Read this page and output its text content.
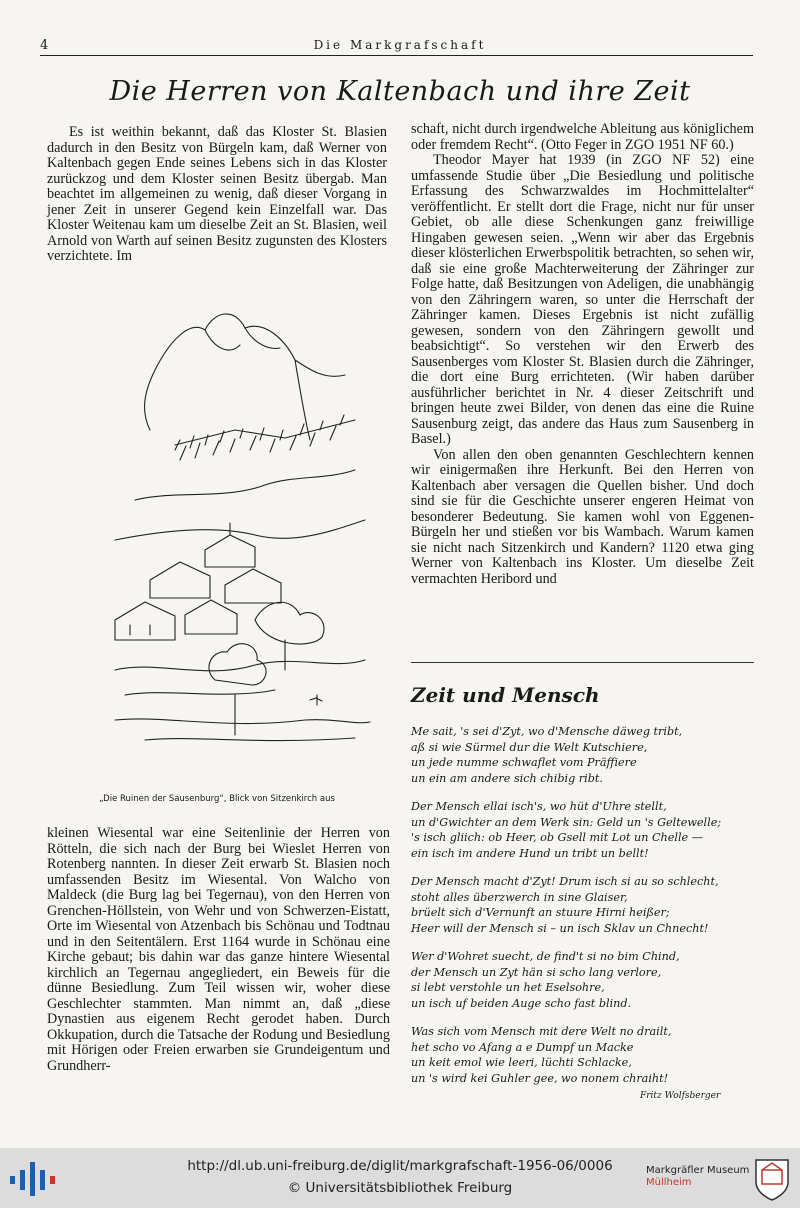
4	Die Markgrafschaft
Die Herren von Kaltenbach und ihre Zeit

Es ist weithin bekannt, daß das Kloster St. Blasien dadurch in den Besitz von Bürgeln kam, daß Werner von Kaltenbach gegen Ende seines Lebens sich in das Kloster zurückzog und dem Kloster seinen Besitz übergab. Man beachtet im allgemeinen zu wenig, daß dieser Vorgang in jener Zeit in unserer Gegend kein Einzelfall war. Das Kloster Weitenau kam um dieselbe Zeit an St. Blasien, weil Arnold von Warth auf seinen Besitz zugunsten des Klosters verzichtete. Im

„Die Ruinen der Sausenburg“, Blick von Sitzenkirch aus

kleinen Wiesental war eine Seitenlinie der Herren von Rötteln, die sich nach der Burg bei Wieslet Herren von Rotenberg nannten. In dieser Zeit erwarb St. Blasien noch umfassenden Besitz im Wiesental. Von Walcho von Maldeck (die Burg lag bei Tegernau), von den Herren von Grenchen-Höllstein, von Wehr und von Schwerzen-Eistatt, Orte im Wiesental von Atzenbach bis Schönau und Todtnau und in den Seitentälern. Erst 1164 wurde in Schönau eine Kirche gebaut; bis dahin war das ganze hintere Wiesental kirchlich an Tegernau angegliedert, ein Beweis für die dünne Besiedlung. Zum Teil wissen wir, woher diese Geschlechter stammten. Man nimmt an, daß „diese Dynastien aus eigenem Recht gerodet haben. Durch Okkupation, durch die Tatsache der Rodung und Besiedlung mit Hörigen oder Freien erwarben sie Grundeigentum und Grundherr-

schaft, nicht durch irgendwelche Ableitung aus königlichem oder fremdem Recht“. (Otto Feger in ZGO 1951 NF 60.)

Theodor Mayer hat 1939 (in ZGO NF 52) eine umfassende Studie über „Die Besiedlung und politische Erfassung des Schwarzwaldes im Hochmittelalter“ veröffentlicht. Er stellt dort die Frage, nicht nur für unser Gebiet, ob alle diese Schenkungen ganz freiwillige Hingaben gewesen seien. „Wenn wir aber das Ergebnis dieser klösterlichen Erwerbspolitik betrachten, so sehen wir, daß sie eine große Machterweiterung der Zähringer zur Folge hatte, daß Besitzungen von Adeligen, die unabhängig von den Zähringern waren, so unter die Herrschaft der Zähringer kamen. Dieses Ergebnis ist nicht zufällig gewesen, sondern von den Zähringern gewollt und beabsichtigt“. So verstehen wir den Erwerb des Sausenberges vom Kloster St. Blasien durch die Zähringer, die dort eine Burg errichteten. (Wir haben darüber ausführlicher berichtet in Nr. 4 dieser Zeitschrift und bringen heute zwei Bilder, von denen das eine die Ruine Sausenburg zeigt, das andere das Haus zum Sausenberg in Basel.)

Von allen den oben genannten Geschlechtern kennen wir einigermaßen ihre Herkunft. Bei den Herren von Kaltenbach aber versagen die Quellen bisher. Und doch sind sie für die Geschichte unserer engeren Heimat von besonderer Bedeutung. Sie kamen wohl von Eggenen-Bürgeln her und stießen vor bis Wambach. Warum kamen sie nicht nach Sitzenkirch und Kandern? 1120 etwa ging Werner von Kaltenbach ins Kloster. Um dieselbe Zeit vermachten Heribord und

Zeit und Mensch
Me sait, 's sei d'Zyt, wo d'Mensche däweg tribt,
aß si wie Sürmel dur die Welt Kutschiere,
un jede numme schwaflet vom Präffiere
un ein am andere sich chibig ribt.
Der Mensch ellai isch's, wo hüt d'Uhre stellt,
un d'Gwichter an dem Werk sin: Geld un 's Geltewelle;
's isch gliich: ob Heer, ob Gsell mit Lot un Chelle —
ein isch im andere Hund un tribt un bellt!
Der Mensch macht d'Zyt! Drum isch si au so schlecht,
stoht alles überzwerch in sine Glaiser,
brüelt sich d'Vernunft an stuure Hirni heißer;
Heer will der Mensch si – un isch Sklav un Chnecht!
Wer d'Wohret suecht, de find't si no bim Chind,
der Mensch un Zyt hän si scho lang verlore,
si lebt verstohle un het Eselsohre,
un isch uf beiden Auge scho fast blind.
Was sich vom Mensch mit dere Welt no drailt,
het scho vo Afang a e Dumpf un Macke
un keit emol wie leeri, lüchti Schlacke,
un 's wird kei Guhler gee, wo nonem chraiht!
Fritz Wolfsberger
http://dl.ub.uni-freiburg.de/diglit/markgrafschaft-1956-06/0006
© Universitätsbibliothek Freiburg
Markgräfler Museum
Müllheim
